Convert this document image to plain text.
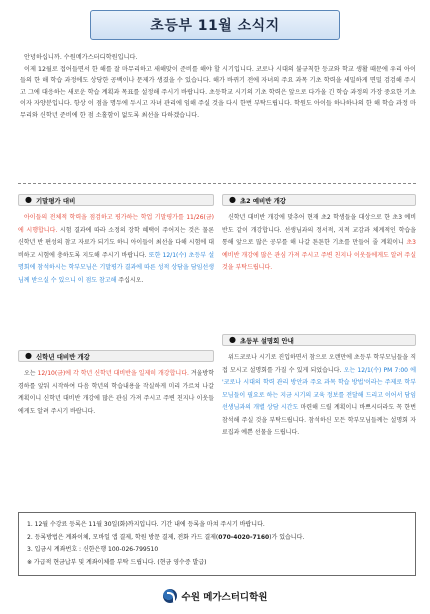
초등부 11월 소식지

안녕하십니까. 수원메가스터디학원입니다.

이제 12월로 접어들면서 한 해를 잘 마무리하고 새해맞이 준비를 해야 할 시기입니다. 코로나 시대의 불규칙한 등교와 학교 생활 때문에 우리 아이들의 한 해 학습 과정에도 상당한 공백이나 문제가 생겼을 수 있습니다. 해가 바뀌기 전에 자녀의 주요 과목 기초 학력을 세밀하게 면밀 검검해 주시고 그에 대응하는 새로운 학습 계획과 목표를 설정해 주시기 바랍니다. 초등학교 시기의 기초 학력은 앞으로 다가올 긴 학습 과정의 가장 중요한 기초이자 자양분입니다. 항상 이 점을 명두에 두시고 자녀 관리에 임해 주실 것을 다시 한번 부탁드립니다. 학원도 아이들 하나하나의 한 해 학습 과정 마무리와 신학년 준비에 한 점 소홀함이 없도록 최선을 다하겠습니다.

● 기말평가 대비
아이들의 전체적 학력을 점검하고 평가하는 학업 기말평가를 11/26(금)에 시행합니다. 시험 결과에 따라 소정의 장학 혜택이 주어지는 것은 물론 신학년 반 편성의 참고 자료가 되기도 하니 아이들이 최선을 다해 시험에 대비하고 시험에 충하도록 지도해 주시기 바랍니다. 또한 12/1(수) 초등부 설명회에 참석하시는 학부모님은 기말평가 결과에 따른 성적 상담을 담임선생님께 받으실 수 있으니 이 점도 참고해 주십시오.
● 신학년 대비반 개강
오는 12/10(금)에 각 학년 신학년 대비반을 일제히 개강합니다. 겨울방학 경하를 앞둬 시작하여 다음 학년의 학습내용을 작실하게 미리 가르쳐 나갈 계획이니 신학년 대비반 개강에 많은 관심 가져 주시고 주변 친지나 이웃들에게도 알려 주시기 바랍니다.
● 초2 예비반 개강
신학년 대비반 개강에 맞추어 현재 초2 학생들을 대상으로 한 초3 예비반도 같이 개강합니다. 선생님과의 정서적, 지적 교감과 체계적인 학습을 통해 앞으로 많은 공부를 해 나갈 튼튼한 기초를 만들어 줄 계획이니 초3 예비반 개강에 많은 관심 가져 주시고 주변 친지나 이웃들에게도 알려 주실 것을 부탁드립니다.
● 초등부 설명회 안내
위드코로나 시기로 진입하면서 참으로 오랜만에 초등부 학부모님들을 직접 모시고 설명회를 가질 수 있게 되었습니다. 오는 12/1(수) PM 7:00 에 '코로나 시대의 학력 관리 방안과 주요 과목 학습 방법'이라는 주제로 학부모님들이 필요로 하는 지금 시기의 교육 정보를 전달해 드리고 이어서 담임선생님과의 개별 상담 시간도 마련해 드릴 계획이니 바쁘시더라도 꼭 한번 참석해 주실 것을 부탁드립니다. 참석하신 모든 학부모님들께는 설명회 자료집과 예쁜 선물을 드립니다.
1. 12월 수강료 등록은 11월 30일(화)까지입니다. 기간 내에 등록을 마쳐 주시기 바랍니다.
2. 등록방법은 계좌이체, 모바일 앱 결제, 학원 방문 결제, 전화 카드 결제(070-4020-7160)가 있습니다.
3. 입금시 계좌번호 : 신한은행 100-026-799510
※ 가급적 현금납부 및 계좌이체를 부탁 드립니다. (현금 영수증 발급)
수원 메가스터디학원
